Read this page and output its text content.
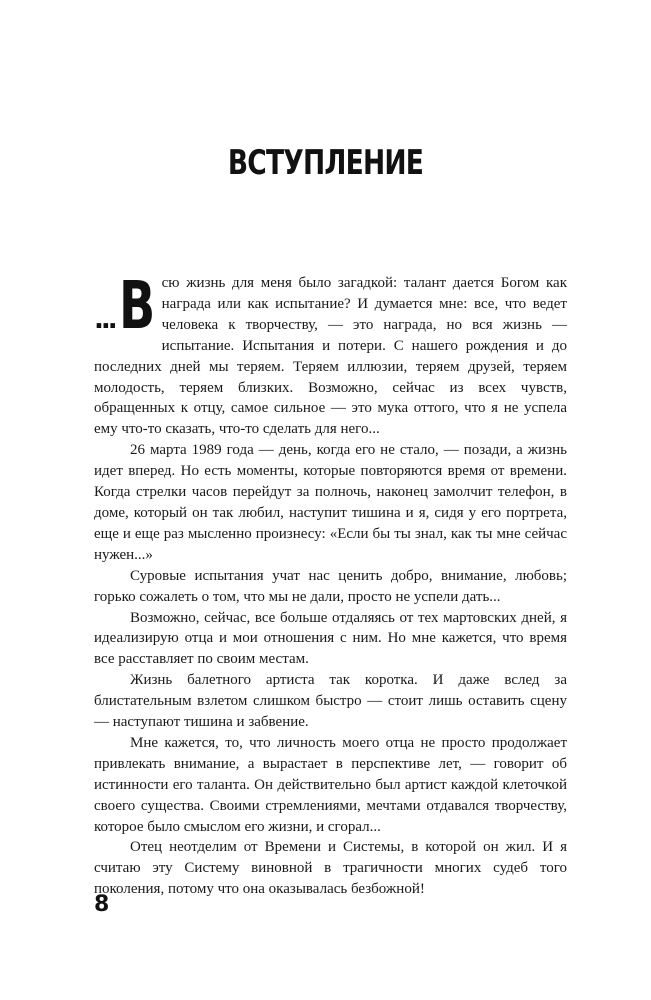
ВСТУПЛЕНИЕ

... В сю жизнь для меня было загадкой: талант дается Богом как награда или как испытание? И думается мне: все, что ведет человека к творчеству, — это награда, но вся жизнь — испытание. Испытания и потери. С нашего рождения и до последних дней мы теряем. Теряем иллюзии, теряем друзей, теряем молодость, теряем близких. Возможно, сейчас из всех чувств, обращенных к отцу, самое сильное — это мука оттого, что я не успела ему что-то сказать, что-то сделать для него...

26 марта 1989 года — день, когда его не стало, — позади, а жизнь идет вперед. Но есть моменты, которые повторяются время от времени. Когда стрелки часов перейдут за полночь, наконец замолчит телефон, в доме, который он так любил, наступит тишина и я, сидя у его портрета, еще и еще раз мысленно произнесу: «Если бы ты знал, как ты мне сейчас нужен...»

Суровые испытания учат нас ценить добро, внимание, любовь; горько сожалеть о том, что мы не дали, просто не успели дать...

Возможно, сейчас, все больше отдаляясь от тех мартовских дней, я идеализирую отца и мои отношения с ним. Но мне кажется, что время все расставляет по своим местам.

Жизнь балетного артиста так коротка. И даже вслед за блистательным взлетом слишком быстро — стоит лишь оставить сцену — наступают тишина и забвение.

Мне кажется, то, что личность моего отца не просто продолжает привлекать внимание, а вырастает в перспективе лет, — говорит об истинности его таланта. Он действительно был артист каждой клеточкой своего существа. Своими стремлениями, мечтами отдавался творчеству, которое было смыслом его жизни, и сгорал...

Отец неотделим от Времени и Системы, в которой он жил. И я считаю эту Систему виновной в трагичности многих судеб того поколения, потому что она оказывалась безбожной!

8
